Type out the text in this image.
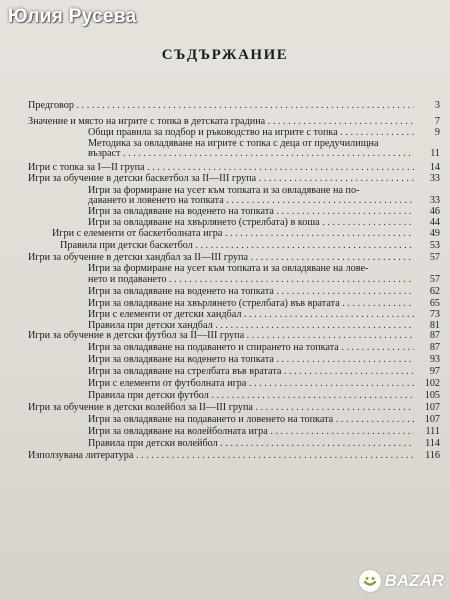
Юлия Русева
СЪДЪРЖАНИЕ
Предговор . . .	3
Значение и място на игрите с топка в детската градина . . .	7
Общи правила за подбор и ръководство на игрите с топка . . .	9
Методика за овладяване на игрите с топка с деца от предучилищна
възраст . . .	11
Игри с топка за I—II група . . .	14
Игри за обучение в детски баскетбол за II—III група . . .	33
Игри за формиране на усет към топката и за овладяване на по-
даването и ловенето на топката . . .	33
Игри за овладяване на воденето на топката . . .	46
Игри за овладяване на хвърлянето (стрелбата) в коша . . .	44
Игри с елементи от баскетболната игра . . .	49
Правила при детски баскетбол . . .	53
Игри за обучение в детски хандбал за II—III група . . .	57
Игри за формиране на усет към топката и за овладяване на лове-
нето и подаването . . .	57
Игри за овладяване на воденето на топката . . .	62
Игри за овладяване на хвърлянето (стрелбата) във вратата . . .	65
Игри с елементи от детски хандбал . . .	73
Правила при детски хандбал . . .	81
Игри за обучение в детски футбол за II—III група . . .	87
Игри за овладяване на подаването и спирането на топката . . .	87
Игри за овладяване на воденето на топката . . .	93
Игри за овладяване на стрелбата във вратата . . .	97
Игри с елементи от футболната игра . . .	102
Правила при детски футбол . . .	105
Игри за обучение в детски волейбол за II—III група . . .	107
Игри за овладяване на подаването и ловенето на топката . . .	107
Игри за овладяване на волейболната игра . . .	111
Правила при детски волейбол . . .	114
Използувана литература . . .	116
BAZAR
